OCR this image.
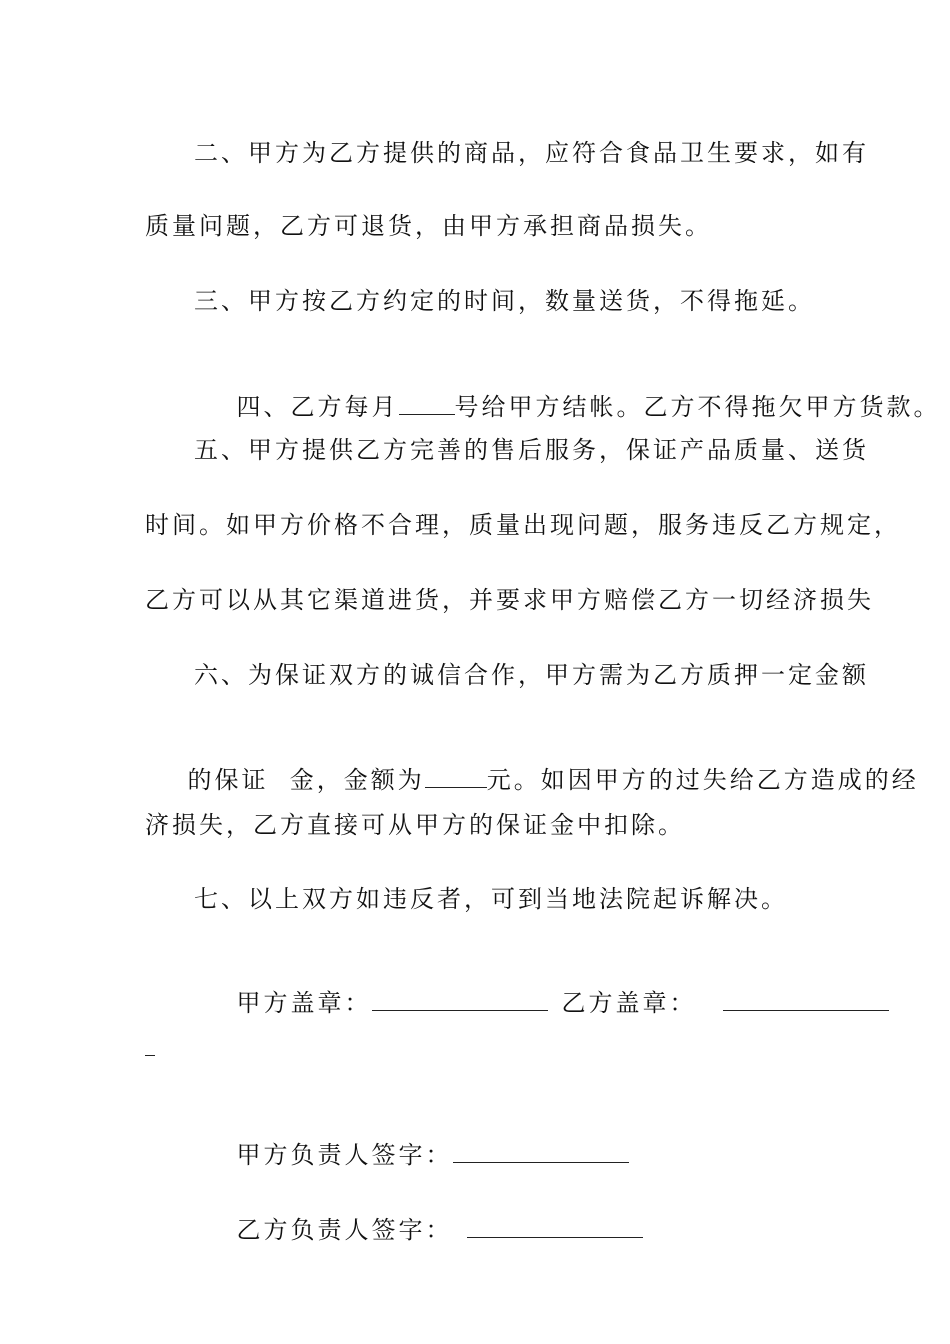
二、甲方为乙方提供的商品，应符合食品卫生要求，如有
质量问题，乙方可退货，由甲方承担商品损失。
三、甲方按乙方约定的时间，数量送货，不得拖延。

四、乙方每月 号给甲方结帐。乙方不得拖欠甲方货款。

五、甲方提供乙方完善的售后服务，保证产品质量、送货
时间。如甲方价格不合理，质量出现问题，服务违反乙方规定，
乙方可以从其它渠道进货，并要求甲方赔偿乙方一切经济损失
六、为保证双方的诚信合作，甲方需为乙方质押一定金额

的保证  金，金额为	元。如因甲方的过失给乙方造成的经

济损失，乙方直接可从甲方的保证金中扣除。
七、以上双方如违反者，可到当地法院起诉解决。

甲方盖章：	乙方盖章：

甲方负责人签字：

乙方负责人签字：
